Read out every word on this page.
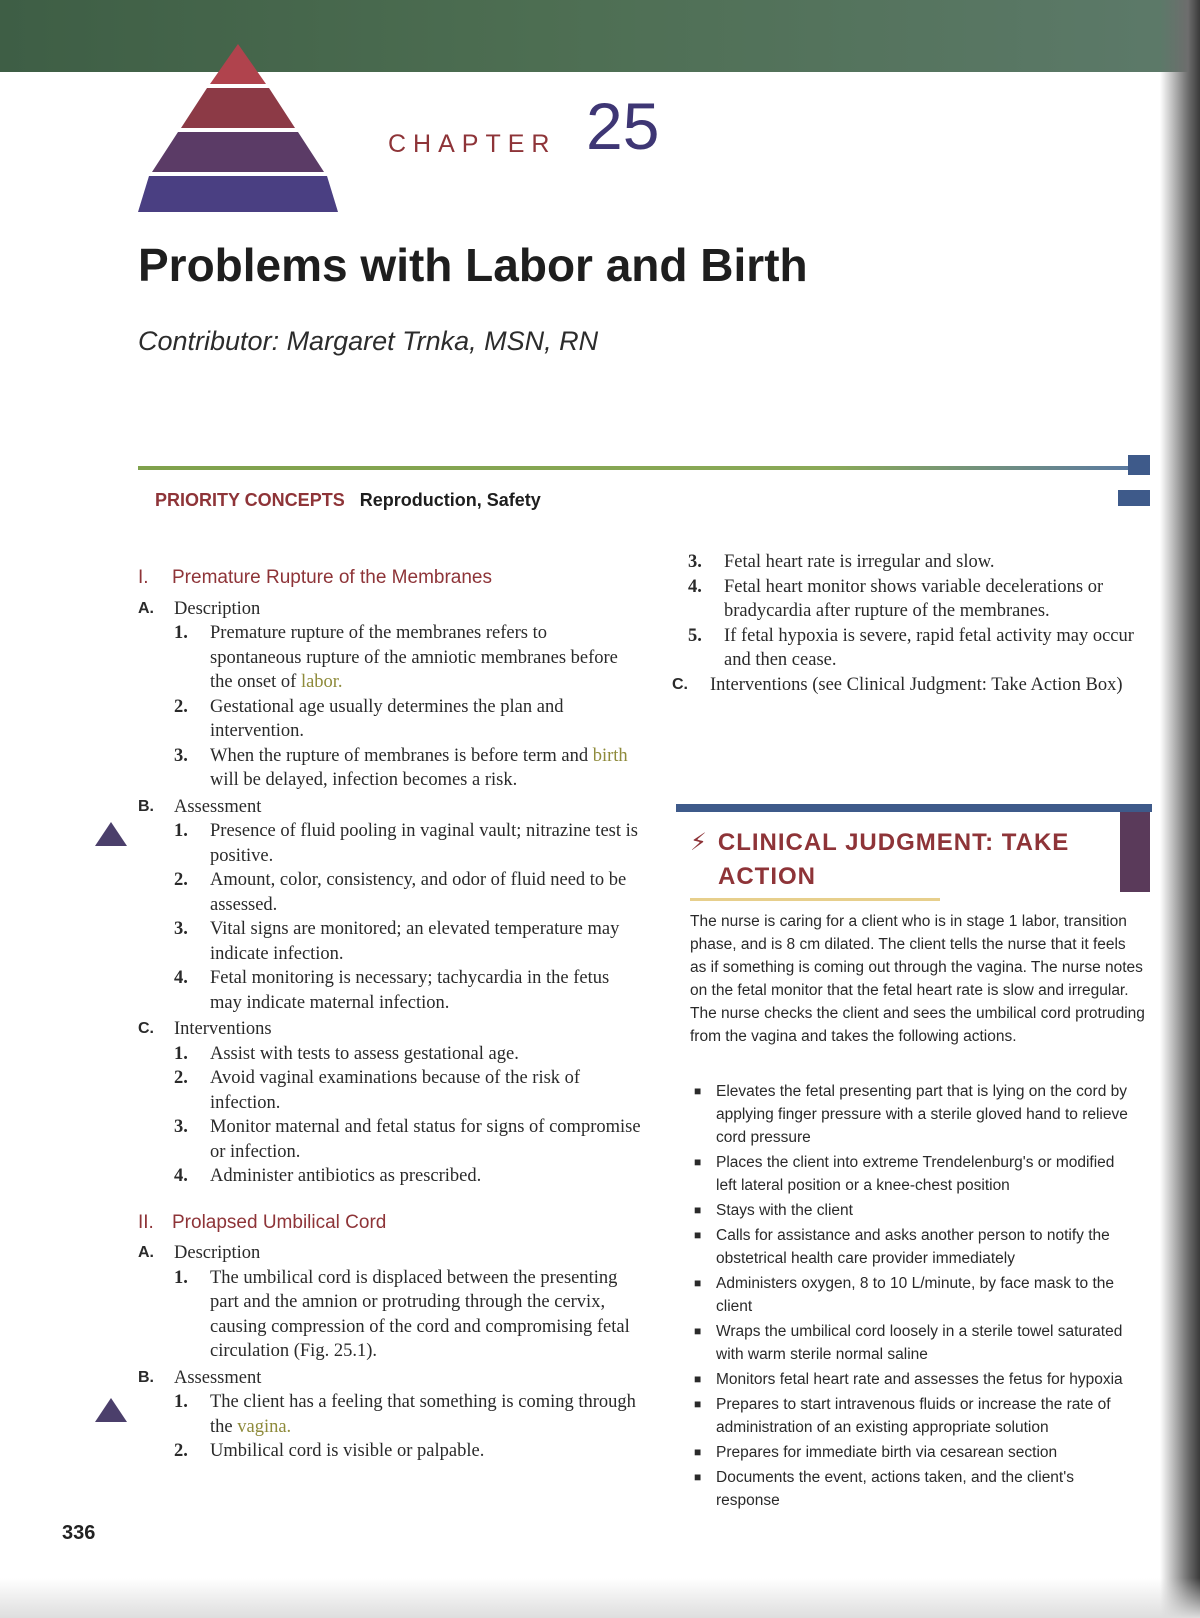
CHAPTER 25
Problems with Labor and Birth
Contributor: Margaret Trnka, MSN, RN
PRIORITY CONCEPTS Reproduction, Safety
I. Premature Rupture of the Membranes
A. Description
1. Premature rupture of the membranes refers to spontaneous rupture of the amniotic membranes before the onset of labor.
2. Gestational age usually determines the plan and intervention.
3. When the rupture of membranes is before term and birth will be delayed, infection becomes a risk.
B. Assessment
1. Presence of fluid pooling in vaginal vault; nitrazine test is positive.
2. Amount, color, consistency, and odor of fluid need to be assessed.
3. Vital signs are monitored; an elevated temperature may indicate infection.
4. Fetal monitoring is necessary; tachycardia in the fetus may indicate maternal infection.
C. Interventions
1. Assist with tests to assess gestational age.
2. Avoid vaginal examinations because of the risk of infection.
3. Monitor maternal and fetal status for signs of compromise or infection.
4. Administer antibiotics as prescribed.
II. Prolapsed Umbilical Cord
A. Description
1. The umbilical cord is displaced between the presenting part and the amnion or protruding through the cervix, causing compression of the cord and compromising fetal circulation (Fig. 25.1).
B. Assessment
1. The client has a feeling that something is coming through the vagina.
2. Umbilical cord is visible or palpable.
3. Fetal heart rate is irregular and slow.
4. Fetal heart monitor shows variable decelerations or bradycardia after rupture of the membranes.
5. If fetal hypoxia is severe, rapid fetal activity may occur and then cease.
C. Interventions (see Clinical Judgment: Take Action Box)
⚡︎ CLINICAL JUDGMENT: TAKE
ACTION
The nurse is caring for a client who is in stage 1 labor, transition phase, and is 8 cm dilated. The client tells the nurse that it feels as if something is coming out through the vagina. The nurse notes on the fetal monitor that the fetal heart rate is slow and irregular. The nurse checks the client and sees the umbilical cord protruding from the vagina and takes the following actions.
■ Elevates the fetal presenting part that is lying on the cord by applying finger pressure with a sterile gloved hand to relieve cord pressure
■ Places the client into extreme Trendelenburg's or modified left lateral position or a knee-chest position
■ Stays with the client
■ Calls for assistance and asks another person to notify the obstetrical health care provider immediately
■ Administers oxygen, 8 to 10 L/minute, by face mask to the client
■ Wraps the umbilical cord loosely in a sterile towel saturated with warm sterile normal saline
■ Monitors fetal heart rate and assesses the fetus for hypoxia
■ Prepares to start intravenous fluids or increase the rate of administration of an existing appropriate solution
■ Prepares for immediate birth via cesarean section
■ Documents the event, actions taken, and the client's response
336
